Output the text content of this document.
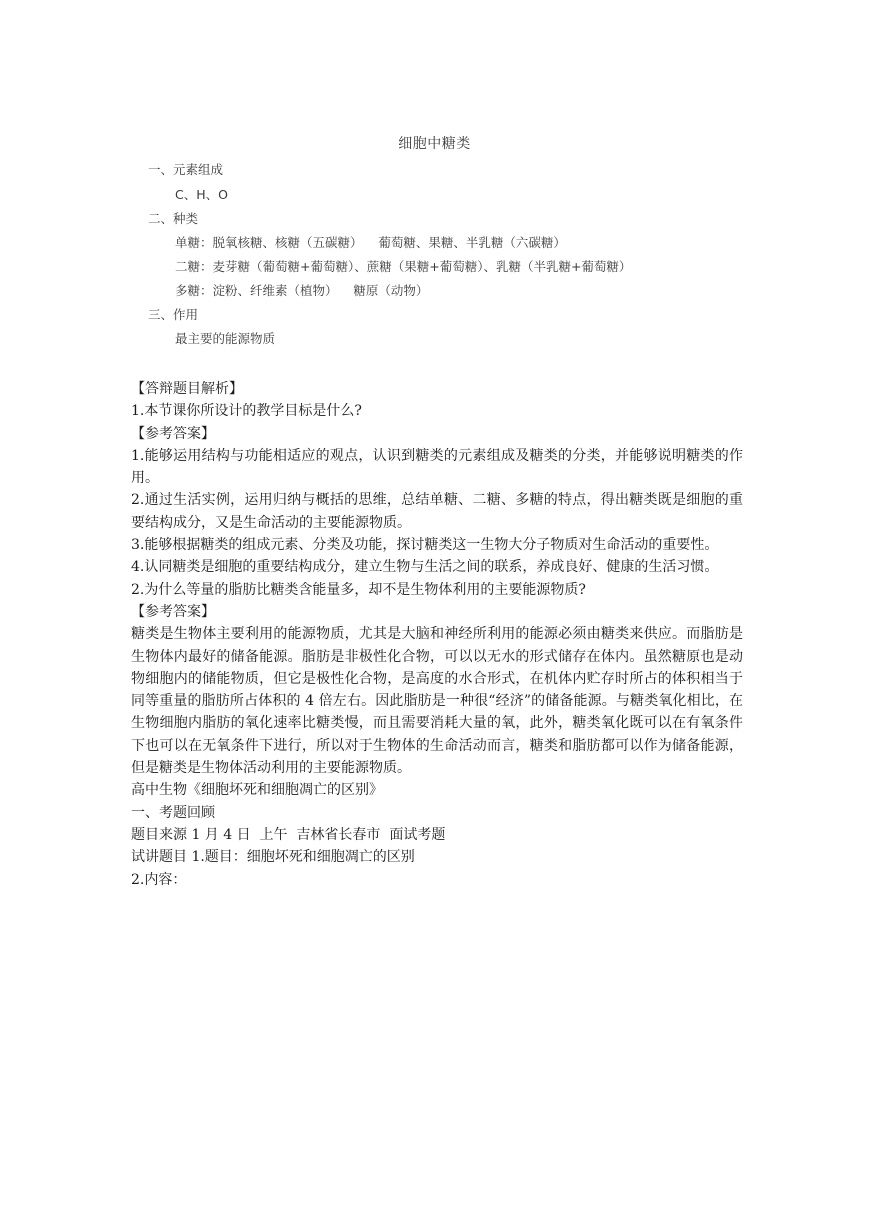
细胞中糖类
一、元素组成
C、H、O
二、种类
单糖：脱氧核糖、核糖（五碳糖）    葡萄糖、果糖、半乳糖（六碳糖）
二糖：麦芽糖（葡萄糖+葡萄糖）、蔗糖（果糖+葡萄糖）、乳糖（半乳糖+葡萄糖）
多糖：淀粉、纤维素（植物）    糖原（动物）
三、作用
最主要的能源物质

【答辩题目解析】

1.本节课你所设计的教学目标是什么?

【参考答案】

1.能够运用结构与功能相适应的观点，认识到糖类的元素组成及糖类的分类，并能够说明糖类的作用。

2.通过生活实例，运用归纳与概括的思维，总结单糖、二糖、多糖的特点，得出糖类既是细胞的重要结构成分，又是生命活动的主要能源物质。

3.能够根据糖类的组成元素、分类及功能，探讨糖类这一生物大分子物质对生命活动的重要性。

4.认同糖类是细胞的重要结构成分，建立生物与生活之间的联系，养成良好、健康的生活习惯。

2.为什么等量的脂肪比糖类含能量多，却不是生物体利用的主要能源物质?

【参考答案】

糖类是生物体主要利用的能源物质，尤其是大脑和神经所利用的能源必须由糖类来供应。而脂肪是生物体内最好的储备能源。脂肪是非极性化合物，可以以无水的形式储存在体内。虽然糖原也是动物细胞内的储能物质，但它是极性化合物，是高度的水合形式，在机体内贮存时所占的体积相当于同等重量的脂肪所占体积的 4 倍左右。因此脂肪是一种很“经济”的储备能源。与糖类氧化相比，在生物细胞内脂肪的氧化速率比糖类慢，而且需要消耗大量的氧，此外，糖类氧化既可以在有氧条件下也可以在无氧条件下进行，所以对于生物体的生命活动而言，糖类和脂肪都可以作为储备能源，但是糖类是生物体活动利用的主要能源物质。

高中生物《细胞坏死和细胞凋亡的区别》

一、考题回顾

题目来源 1 月 4 日  上午  吉林省长春市  面试考题

试讲题目 1.题目：细胞坏死和细胞凋亡的区别

2.内容：
